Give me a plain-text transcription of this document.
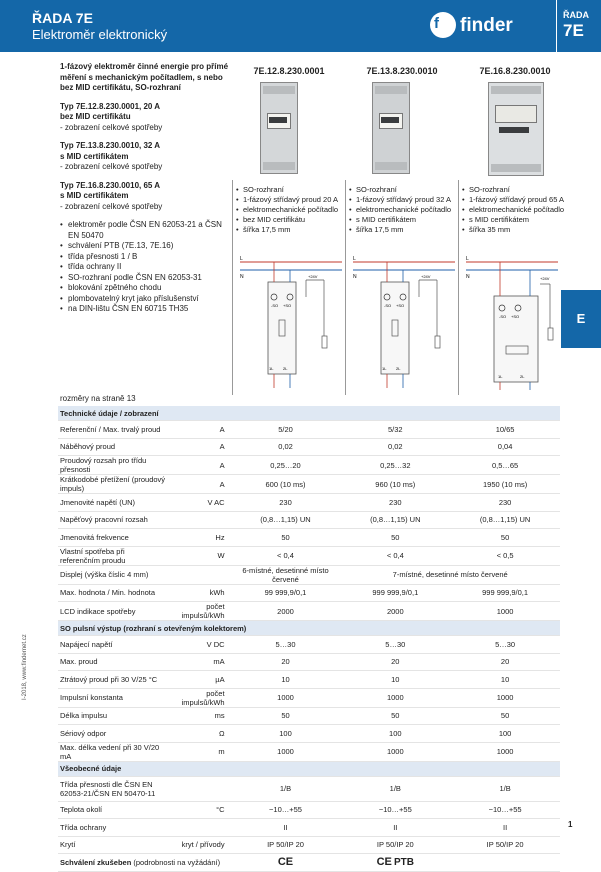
ŘADA 7E
Elektroměr elektronický
f finder	ŘADA
7E
E
1-fázový elektroměr činné energie pro přímé měření s mechanickým počítadlem, s nebo bez MID certifikátu, SO-rozhraní
Typ 7E.12.8.230.0001, 20 A
bez MID certifikátu
- zobrazení celkové spotřeby
Typ 7E.13.8.230.0010, 32 A
s MID certifikátem
- zobrazení celkové spotřeby
Typ 7E.16.8.230.0010, 65 A
s MID certifikátem
- zobrazení celkové spotřeby
• elektroměr podle ČSN EN 62053-21 a ČSN EN 50470
• schválení PTB (7E.13, 7E.16)
• třída přesnosti 1 / B
• třída ochrany II
• SO-rozhraní podle ČSN EN 62053-31
• blokování zpětného chodu
• plombovatelný kryt jako příslušenství
• na DIN-lištu ČSN EN 60715 TH35
7E.12.8.230.0001	7E.13.8.230.0010	7E.16.8.230.0010
• SO-rozhraní
• 1-fázový střídavý proud 20 A
• elektromechanické počítadlo
• bez MID certifikátu
• šířka 17,5 mm
• SO-rozhraní
• 1-fázový střídavý proud 32 A
• elektromechanické počítadlo
• s MID certifikátem
• šířka 17,5 mm
• SO-rozhraní
• 1-fázový střídavý proud 65 A
• elektromechanické počítadlo
• s MID certifikátem
• šířka 35 mm
L
N
-SO +SO
1L 2L
+24V
L
N
-SO +SO
1L 2L
+24V
L
N
-SO +SO
1L	2L
+24V
rozměry na straně 13
Technické údaje / zobrazení				
Referenční / Max. trvalý proud	A	5/20	5/32	10/65
Náběhový proud	A	0,02	0,02	0,04
Proudový rozsah pro třídu přesnosti	A	0,25…20	0,25…32	0,5…65
Krátkodobé přetížení (proudový impuls)	A	600 (10 ms)	960 (10 ms)	1950 (10 ms)
Jmenovité napětí (UN)	V AC	230	230	230
Napěťový pracovní rozsah		(0,8…1,15) UN	(0,8…1,15) UN	(0,8…1,15) UN
Jmenovitá frekvence	Hz	50	50	50
Vlastní spotřeba při referenčním proudu	W	< 0,4	< 0,4	< 0,5
Displej (výška číslic 4 mm)		6-místné, desetinné místo červené	7-místné, desetinné místo červené	
Max. hodnota / Min. hodnota	kWh	99 999,9/0,1	999 999,9/0,1	999 999,9/0,1
LCD indikace spotřeby	počet impulsů/kWh	2000	2000	1000
SO pulsní výstup (rozhraní s otevřeným kolektorem)				
Napájecí napětí	V DC	5…30	5…30	5…30
Max. proud	mA	20	20	20
Ztrátový proud při 30 V/25 °C	µA	10	10	10
Impulsní konstanta	počet impulsů/kWh	1000	1000	1000
Délka impulsu	ms	50	50	50
Sériový odpor	Ω	100	100	100
Max. délka vedení při 30 V/20 mA	m	1000	1000	1000
Všeobecné údaje				
Třída přesnosti dle ČSN EN 62053-21/ČSN EN 50470-11		1/B	1/B	1/B
Teplota okolí	°C	−10…+55	−10…+55	−10…+55
Třída ochrany		II	II	II
Krytí	kryt / přívody	IP 50/IP 20	IP 50/IP 20	IP 50/IP 20
Schválení zkušeben (podrobnosti na vyžádání)		CE	CE PTB	
I-2018, www.findernet.cz
1
